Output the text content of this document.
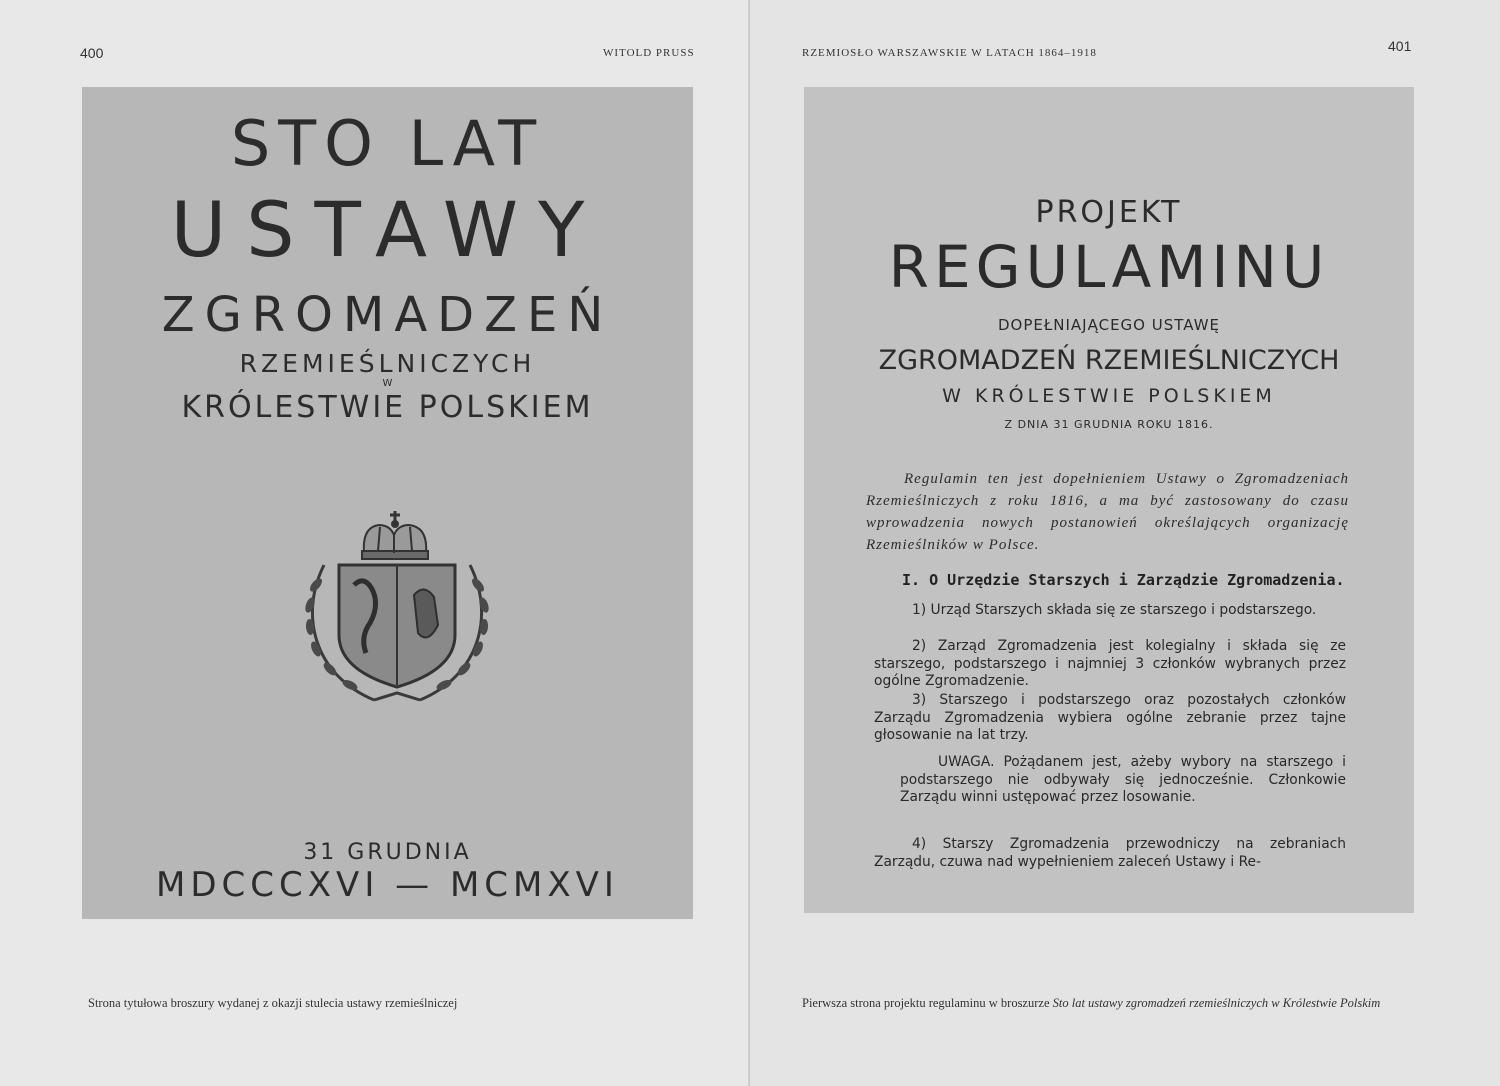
400	WITOLD PRUSS
STO LAT
USTAWY
ZGROMADZEŃ
RZEMIEŚLNICZYCH
W
KRÓLESTWIE POLSKIEM
31 GRUDNIA
MDCCCXVI — MCMXVI
Strona tytułowa broszury wydanej z okazji stulecia ustawy rzemieślniczej
RZEMIOSŁO WARSZAWSKIE W LATACH 1864–1918	401
PROJEKT
REGULAMINU
DOPEŁNIAJĄCEGO USTAWĘ
ZGROMADZEŃ RZEMIEŚLNICZYCH
W KRÓLESTWIE POLSKIEM
Z DNIA 31 GRUDNIA ROKU 1816.
Regulamin ten jest dopełnieniem Ustawy o Zgromadzeniach Rzemieślniczych z roku 1816, a ma być zastosowany do czasu wprowadzenia nowych postanowień określających organizację Rzemieślników w Polsce.
I. O Urzędzie Starszych i Zarządzie Zgromadzenia.
1) Urząd Starszych składa się ze starszego i podstarszego.
2) Zarząd Zgromadzenia jest kolegialny i składa się ze starszego, podstarszego i najmniej 3 członków wybranych przez ogólne Zgromadzenie.
3) Starszego i podstarszego oraz pozostałych członków Zarządu Zgromadzenia wybiera ogólne zebranie przez tajne głosowanie na lat trzy.
UWAGA. Pożądanem jest, ażeby wybory na starszego i podstarszego nie odbywały się jednocześnie. Członkowie Zarządu winni ustępować przez losowanie.
4) Starszy Zgromadzenia przewodniczy na zebraniach Zarządu, czuwa nad wypełnieniem zaleceń Ustawy i Re-
Pierwsza strona projektu regulaminu w broszurze Sto lat ustawy zgromadzeń rzemieślniczych w Królestwie Polskim
